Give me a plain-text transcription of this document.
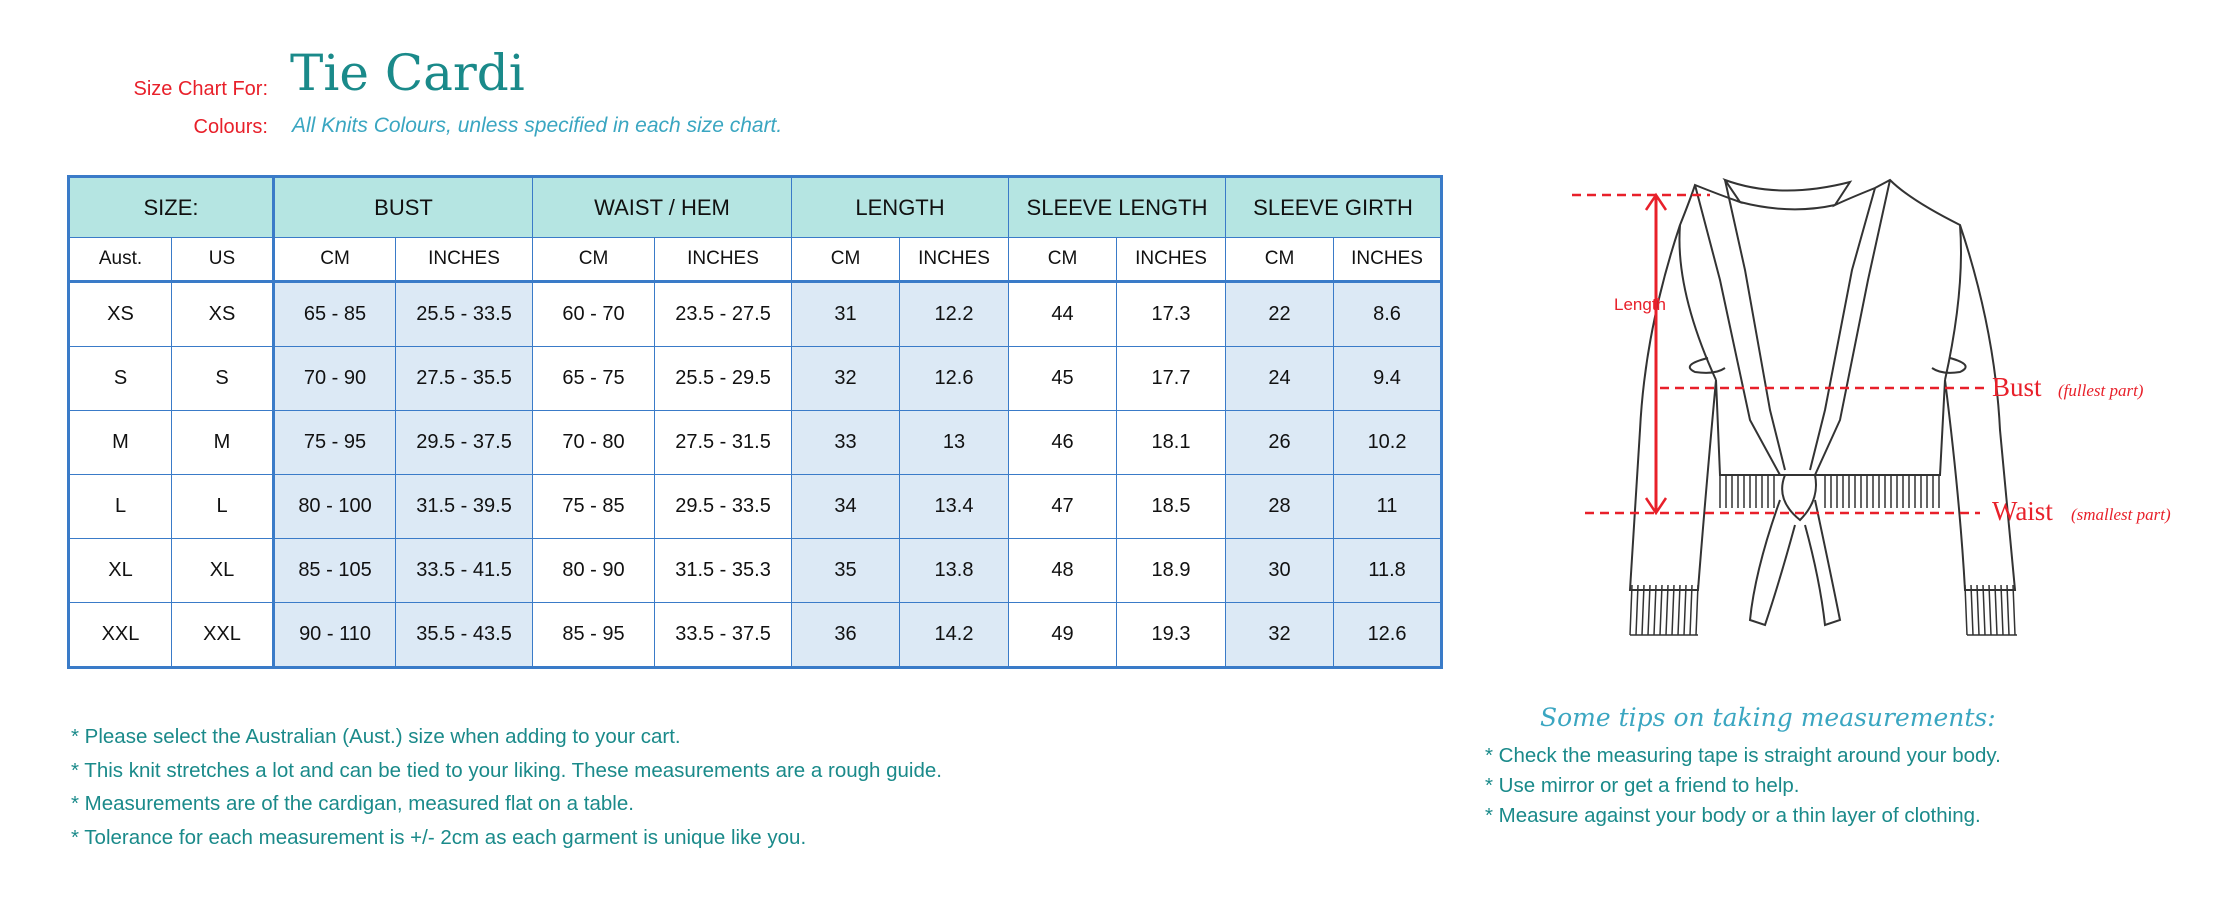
Size Chart For: Tie Cardi
Colours: All Knits Colours, unless specified in each size chart.
SIZE:		BUST		WAIST / HEM		LENGTH		SLEEVE LENGTH		SLEEVE GIRTH	
Aust.	US	CM	INCHES	CM	INCHES	CM	INCHES	CM	INCHES	CM	INCHES
XS	XS	65 - 85	25.5 - 33.5	60 - 70	23.5 - 27.5	31	12.2	44	17.3	22	8.6
S	S	70 - 90	27.5 - 35.5	65 - 75	25.5 - 29.5	32	12.6	45	17.7	24	9.4
M	M	75 - 95	29.5 - 37.5	70 - 80	27.5 - 31.5	33	13	46	18.1	26	10.2
L	L	80 - 100	31.5 - 39.5	75 - 85	29.5 - 33.5	34	13.4	47	18.5	28	11
XL	XL	85 - 105	33.5 - 41.5	80 - 90	31.5 - 35.3	35	13.8	48	18.9	30	11.8
XXL	XXL	90 - 110	35.5 - 43.5	85 - 95	33.5 - 37.5	36	14.2	49	19.3	32	12.6
* Please select the Australian (Aust.) size when adding to your cart.
* This knit stretches a lot and can be tied to your liking. These measurements are a rough guide.
* Measurements are of the cardigan, measured flat on a table.
* Tolerance for each measurement is +/- 2cm as each garment is unique like you.
Length
Bust (fullest part)
Waist (smallest part)
Some tips on taking measurements:
* Check the measuring tape is straight around your body.
* Use mirror or get a friend to help.
* Measure against your body or a thin layer of clothing.
